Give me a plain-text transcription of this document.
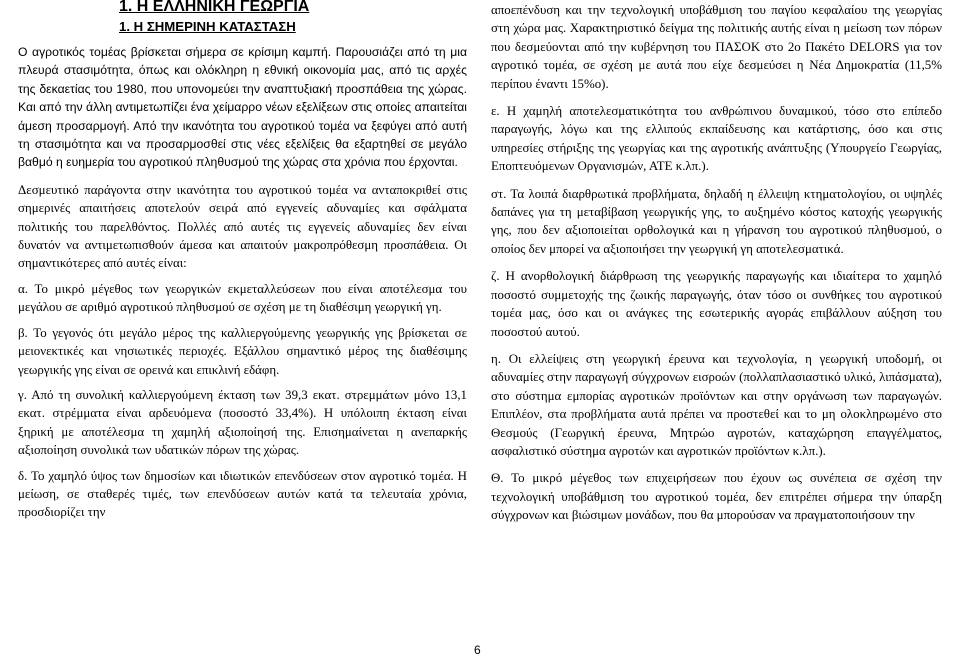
1. Η ΕΛΛΗΝΙΚΗ ΓΕΩΡΓΙΑ
1. Η ΣΗΜΕΡΙΝΗ ΚΑΤΑΣΤΑΣΗ

Ο αγροτικός τομέας βρίσκεται σήμερα σε κρίσιμη καμπή. Παρουσιάζει από τη μια πλευρά στασιμότητα, όπως και ολόκληρη η εθνική οικονομία μας, από τις αρχές της δεκαετίας του 1980, που υπονομεύει την αναπτυξιακή προσπάθεια της χώρας. Και από την άλλη αντιμετωπίζει ένα χείμαρρο νέων εξελίξεων στις οποίες απαιτείται άμεση προσαρμογή. Από την ικανότητα του αγροτικού τομέα να ξεφύγει από αυτή τη στασιμότητα και να προσαρμοσθεί στις νέες εξελίξεις θα εξαρτηθεί σε μεγάλο βαθμό η ευημερία του αγροτικού πληθυσμού της χώρας στα χρόνια που έρχονται.

Δεσμευτικό παράγοντα στην ικανότητα του αγροτικού τομέα να ανταποκριθεί στις σημερινές απαιτήσεις αποτελούν σειρά από εγγενείς αδυναμίες και σφάλματα πολιτικής του παρελθόντος. Πολλές από αυτές τις εγγενείς αδυναμίες δεν είναι δυνατόν να αντιμετωπισθούν άμεσα και απαιτούν μακροπρόθεσμη προσπάθεια. Οι σημαντικότερες από αυτές είναι:

α. Το μικρό μέγεθος των γεωργικών εκμεταλλεύσεων που είναι αποτέλεσμα του μεγάλου σε αριθμό αγροτικού πληθυσμού σε σχέση με τη διαθέσιμη γεωργική γη.

β. Το γεγονός ότι μεγάλο μέρος της καλλιεργούμενης γεωργικής γης βρίσκεται σε μειονεκτικές και νησιωτικές περιοχές. Εξάλλου σημαντικό μέρος της διαθέσιμης γεωργικής γης είναι σε ορεινά και επικλινή εδάφη.

γ. Από τη συνολική καλλιεργούμενη έκταση των 39,3 εκατ. στρεμμάτων μόνο 13,1 εκατ. στρέμματα είναι αρδευόμενα (ποσοστό 33,4%). Η υπόλοιπη έκταση είναι ξηρική με αποτέλεσμα τη χαμηλή αξιοποίησή της. Επισημαίνεται η ανεπαρκής αξιοποίηση συνολικά των υδατικών πόρων της χώρας.

δ. Το χαμηλό ύψος των δημοσίων και ιδιωτικών επενδύσεων στον αγροτικό τομέα. Η μείωση, σε σταθερές τιμές, των επενδύσεων αυτών κατά τα τελευταία χρόνια, προσδιορίζει την

αποεπένδυση και την τεχνολογική υποβάθμιση του παγίου κεφαλαίου της γεωργίας στη χώρα μας. Χαρακτηριστικό δείγμα της πολιτικής αυτής είναι η μείωση των πόρων που δεσμεύονται από την κυβέρνηση του ΠΑΣΟΚ στο 2ο Πακέτο DELORS για τον αγροτικό τομέα, σε σχέση με αυτά που είχε δεσμεύσει η Νέα Δημοκρατία (11,5% περίπου έναντι 15%ο).

ε. Η χαμηλή αποτελεσματικότητα του ανθρώπινου δυναμικού, τόσο στο επίπεδο παραγωγής, λόγω και της ελλιπούς εκπαίδευσης και κατάρτισης, όσο και στις υπηρεσίες στήριξης της γεωργίας και της αγροτικής ανάπτυξης (Υπουργείο Γεωργίας, Εποπτευόμενων Οργανισμών, ΑΤΕ κ.λπ.).

στ. Τα λοιπά διαρθρωτικά προβλήματα, δηλαδή η έλλειψη κτηματολογίου, οι υψηλές δαπάνες για τη μεταβίβαση γεωργικής γης, το αυξημένο κόστος κατοχής γεωργικής γης, που δεν αξιοποιείται ορθολογικά και η γήρανση του αγροτικού πληθυσμού, ο οποίος δεν μπορεί να αξιοποιήσει την γεωργική γη αποτελεσματικά.

ζ. Η ανορθολογική διάρθρωση της γεωργικής παραγωγής και ιδιαίτερα το χαμηλό ποσοστό συμμετοχής της ζωικής παραγωγής, όταν τόσο οι συνθήκες του αγροτικού τομέα μας, όσο και οι ανάγκες της εσωτερικής αγοράς επιβάλλουν αύξηση του ποσοστού αυτού.

η. Οι ελλείψεις στη γεωργική έρευνα και τεχνολογία, η γεωργική υποδομή, οι αδυναμίες στην παραγωγή σύγχρονων εισροών (πολλαπλασιαστικό υλικό, λιπάσματα), στο σύστημα εμπορίας αγροτικών προϊόντων και στην οργάνωση των παραγωγών. Επιπλέον, στα προβλήματα αυτά πρέπει να προστεθεί και το μη ολοκληρωμένο στο Θεσμούς (Γεωργική έρευνα, Μητρώο αγροτών, καταχώρηση επαγγέλματος, ασφαλιστικό σύστημα αγροτών και αγροτικών προϊόντων κ.λπ.).

Θ. Το μικρό μέγεθος των επιχειρήσεων που έχουν ως συνέπεια σε σχέση την τεχνολογική υποβάθμιση του αγροτικού τομέα, δεν επιτρέπει σήμερα την ύπαρξη σύγχρονων και βιώσιμων μονάδων, που θα μπορούσαν να πραγματοποιήσουν την

6
